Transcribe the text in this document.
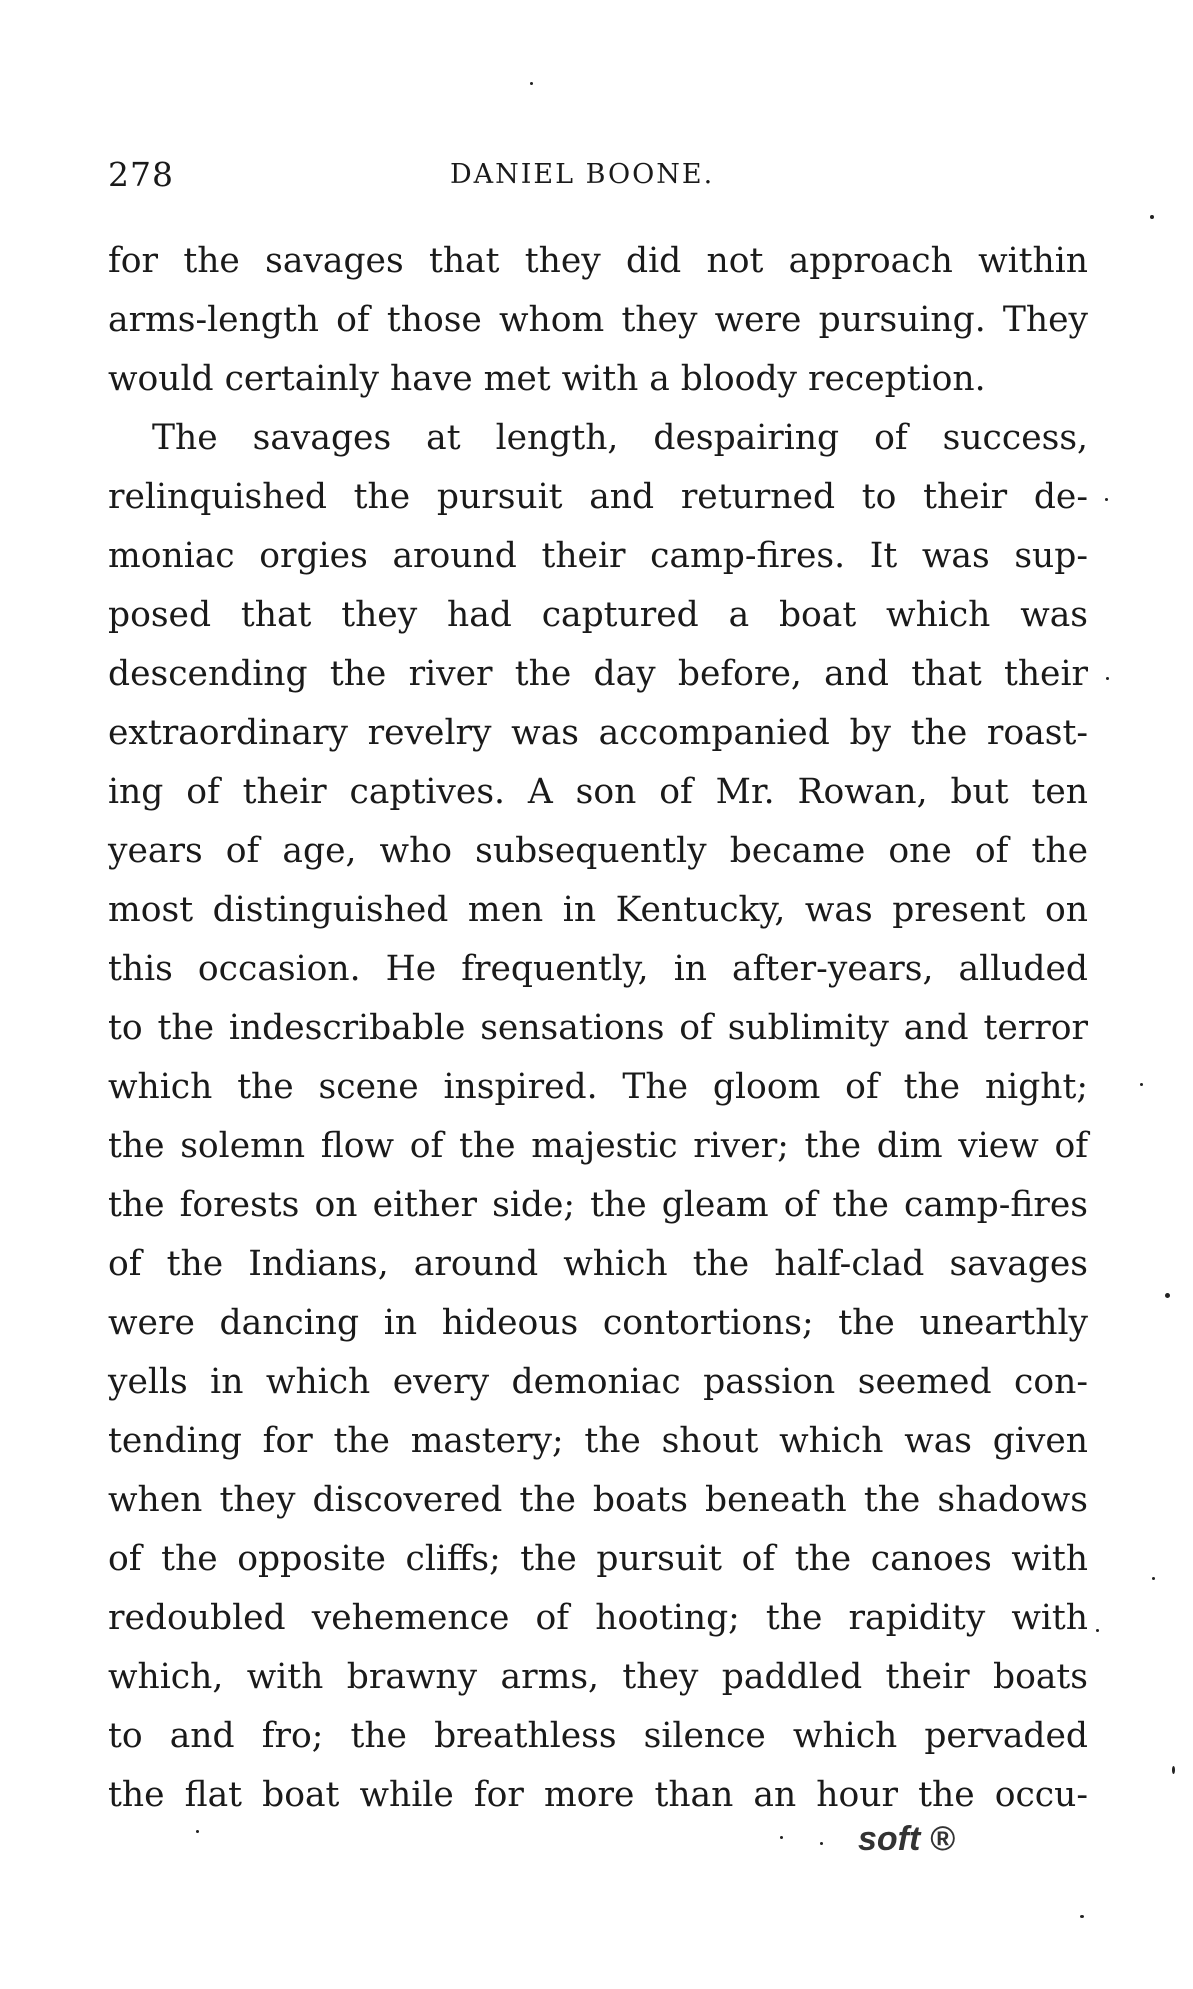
278	DANIEL BOONE.
for the savages that they did not approach within
arms-length of those whom they were pursuing. They
would certainly have met with a bloody reception.
The savages at length, despairing of success,
relinquished the pursuit and returned to their de-
moniac orgies around their camp-fires. It was sup-
posed that they had captured a boat which was
descending the river the day before, and that their
extraordinary revelry was accompanied by the roast-
ing of their captives. A son of Mr. Rowan, but ten
years of age, who subsequently became one of the
most distinguished men in Kentucky, was present on
this occasion. He frequently, in after-years, alluded
to the indescribable sensations of sublimity and terror
which the scene inspired. The gloom of the night;
the solemn flow of the majestic river; the dim view of
the forests on either side; the gleam of the camp-fires
of the Indians, around which the half-clad savages
were dancing in hideous contortions; the unearthly
yells in which every demoniac passion seemed con-
tending for the mastery; the shout which was given
when they discovered the boats beneath the shadows
of the opposite cliffs; the pursuit of the canoes with
redoubled vehemence of hooting; the rapidity with
which, with brawny arms, they paddled their boats
to and fro; the breathless silence which pervaded
the flat boat while for more than an hour the occu-
soft ®
